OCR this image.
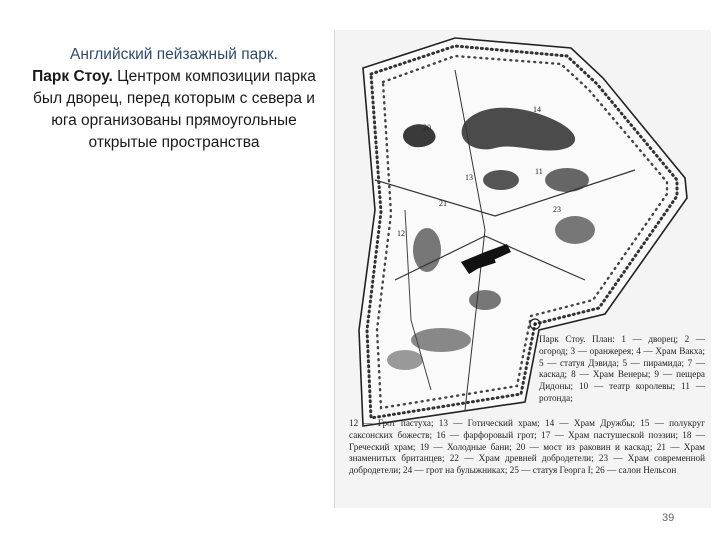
Английский пейзажный парк.
Парк Стоу. Центром композиции парка был дворец, перед которым с севера и юга организованы прямоугольные открытые пространства
11
12
13
14
20
21
23
Парк Стоу. План: 1 — дворец; 2 — огород; 3 — оранжерея; 4 — Храм Вакха; 5 — статуя Дэвида; 5 — пирамида; 7 — каскад; 8 — Храм Венеры; 9 — пещера Дидоны; 10 — театр королевы; 11 — ротонда;
12 — Грот пастуха; 13 — Готический храм; 14 — Храм Дружбы; 15 — полукруг саксонских божеств; 16 — фарфоровый грот; 17 — Храм пастушеской поэзии; 18 — Греческий храм; 19 — Холодные бани; 20 — мост из раковин и каскад; 21 — Храм знаменитых британцев; 22 — Храм древней добродетели; 23 — Храм современной добродетели; 24 — грот на булыжниках; 25 — статуя Георга I; 26 — салон Нельсон
39
